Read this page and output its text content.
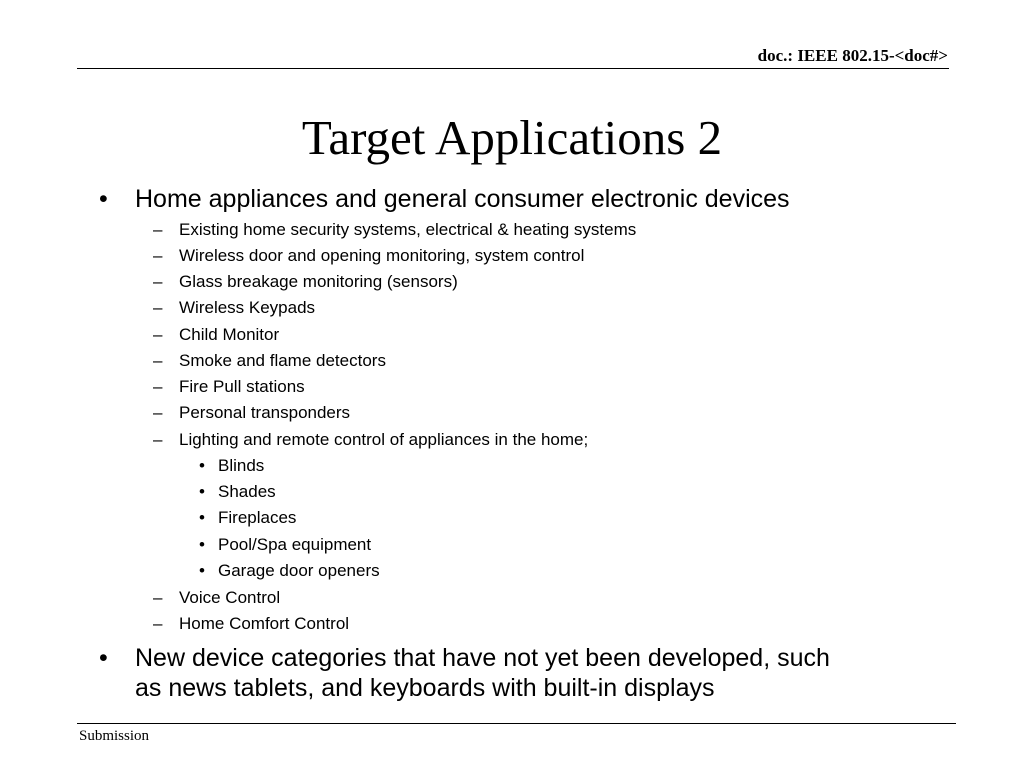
doc.: IEEE 802.15-<doc#>
Target Applications 2
• Home appliances and general consumer electronic devices
– Existing home security systems, electrical & heating systems
– Wireless door and opening monitoring, system control
– Glass breakage monitoring (sensors)
– Wireless Keypads
– Child Monitor
– Smoke and flame detectors
– Fire Pull stations
– Personal transponders
– Lighting and remote control of appliances in the home;
• Blinds
• Shades
• Fireplaces
• Pool/Spa equipment
• Garage door openers
– Voice Control
– Home Comfort Control
• New device categories that have not yet been developed, such
as news tablets, and keyboards with built-in displays
Submission
